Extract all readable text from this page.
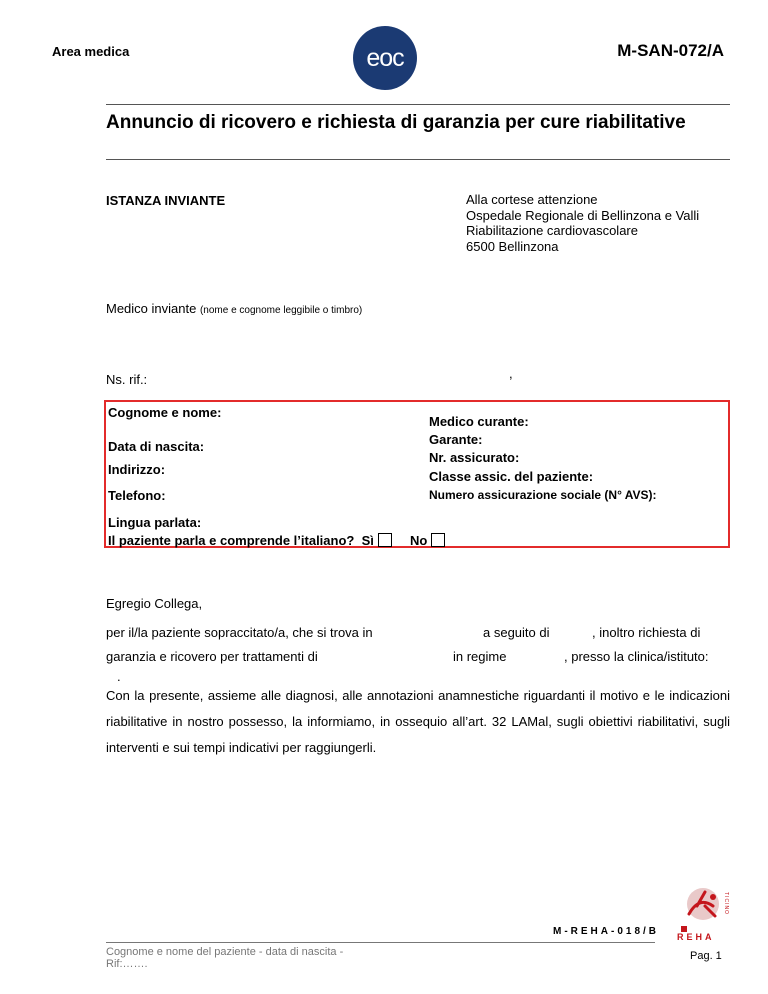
Area medica	eoc	M-SAN-072/A
Annuncio di ricovero e richiesta di garanzia per cure riabilitative
ISTANZA INVIANTE	Alla cortese attenzione
Ospedale Regionale di Bellinzona e Valli
Riabilitazione cardiovascolare
6500 Bellinzona
Medico inviante (nome e cognome leggibile o timbro)
Ns. rif.:	,
Cognome e nome:
Data di nascita:
Indirizzo:
Telefono:
Medico curante:
Garante:
Nr. assicurato:
Classe assic. del paziente:
Numero assicurazione sociale (N° AVS):
Lingua parlata:
Il paziente parla e comprende l’italiano? Sì	No
Egregio Collega,
per il/la paziente sopraccitato/a, che si trova in	a seguito di	, inoltro richiesta di
garanzia e ricovero per trattamenti di	in regime	, presso la clinica/istituto:
.
Con la presente, assieme alle diagnosi, alle annotazioni anamnestiche riguardanti il motivo e le indicazioni riabilitative in nostro possesso, la informiamo, in ossequio all’art. 32 LAMal, sugli obiettivi riabilitativi, sugli interventi e sui tempi indicativi per raggiungerli.
M-REHA-018/B
Cognome e nome del paziente - data di nascita -
Rif:…….
REHA
TICINO
Pag. 1
